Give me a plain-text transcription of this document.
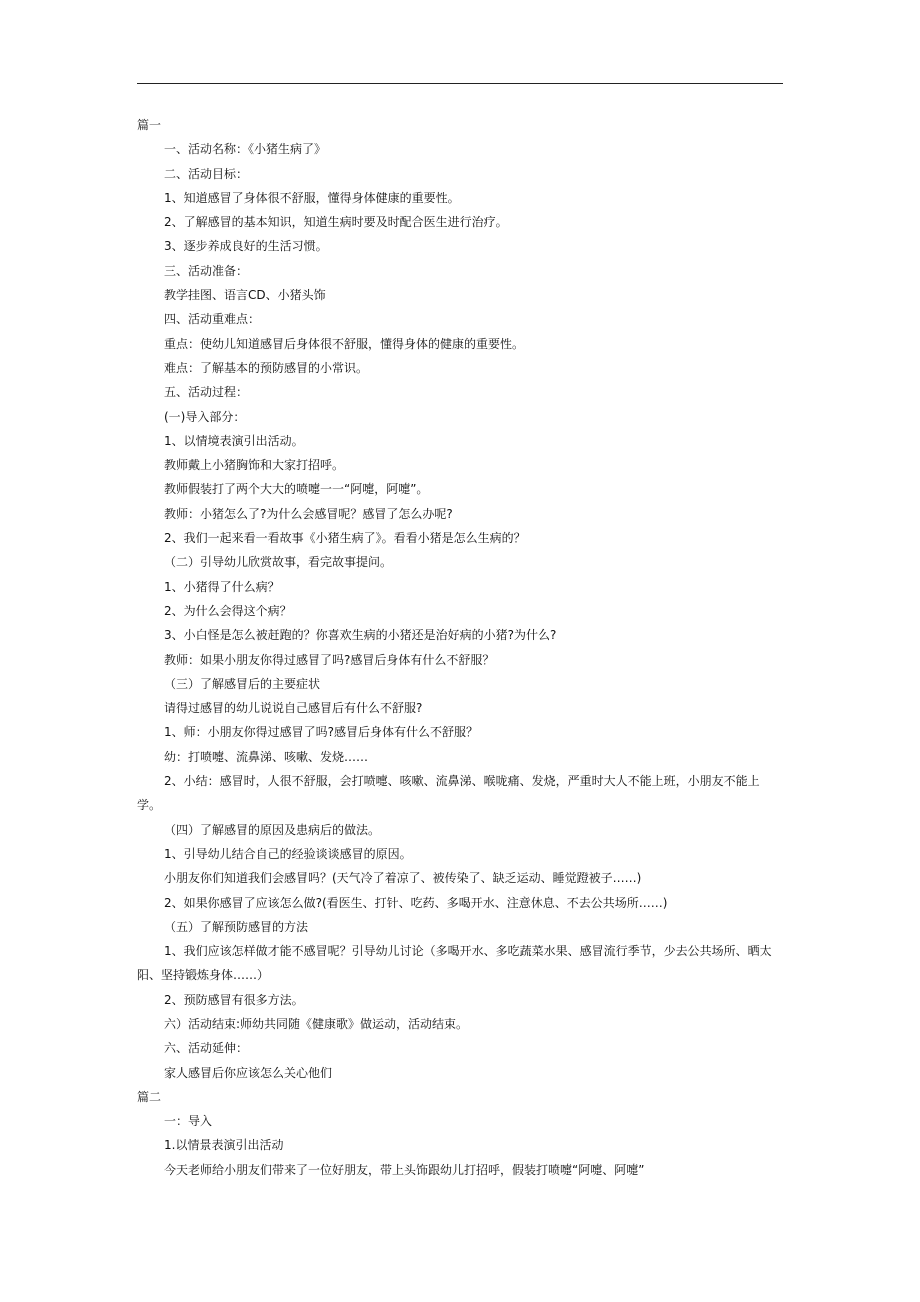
篇一

一、活动名称：《小猪生病了》

二、活动目标：

1、知道感冒了身体很不舒服，懂得身体健康的重要性。

2、了解感冒的基本知识，知道生病时要及时配合医生进行治疗。

3、逐步养成良好的生活习惯。

三、活动准备：

教学挂图、语言CD、小猪头饰

四、活动重难点：

重点：使幼儿知道感冒后身体很不舒服，懂得身体的健康的重要性。

难点：了解基本的预防感冒的小常识。

五、活动过程：

(一)导入部分：

1、以情境表演引出活动。

教师戴上小猪胸饰和大家打招呼。

教师假装打了两个大大的喷嚏一一“阿嚏，阿嚏”。

教师：小猪怎么了?为什么会感冒呢？感冒了怎么办呢?

2、我们一起来看一看故事《小猪生病了》。看看小猪是怎么生病的？

（二）引导幼儿欣赏故事，看完故事提问。

1、小猪得了什么病？

2、为什么会得这个病？

3、小白怪是怎么被赶跑的？你喜欢生病的小猪还是治好病的小猪?为什么?

教师：如果小朋友你得过感冒了吗?感冒后身体有什么不舒服？

（三）了解感冒后的主要症状

请得过感冒的幼儿说说自己感冒后有什么不舒服?

1、师：小朋友你得过感冒了吗?感冒后身体有什么不舒服？

幼：打喷嚏、流鼻涕、咳嗽、发烧……

2、小结：感冒时，人很不舒服，会打喷嚏、咳嗽、流鼻涕、喉咙痛、发烧，严重时大人不能上班，小朋友不能上学。

（四）了解感冒的原因及患病后的做法。

1、引导幼儿结合自己的经验谈谈感冒的原因。

小朋友你们知道我们会感冒吗？(天气冷了着凉了、被传染了、缺乏运动、睡觉蹬被子……)

2、如果你感冒了应该怎么做?(看医生、打针、吃药、多喝开水、注意休息、不去公共场所……)

（五）了解预防感冒的方法

1、我们应该怎样做才能不感冒呢？引导幼儿讨论（多喝开水、多吃蔬菜水果、感冒流行季节，少去公共场所、晒太阳、坚持锻炼身体……）

2、预防感冒有很多方法。

六）活动结束:师幼共同随《健康歌》做运动，活动结束。

六、活动延伸：

家人感冒后你应该怎么关心他们

篇二

一：导入

1.以情景表演引出活动

今天老师给小朋友们带来了一位好朋友，带上头饰跟幼儿打招呼，假装打喷嚏“阿嚏、阿嚏”
